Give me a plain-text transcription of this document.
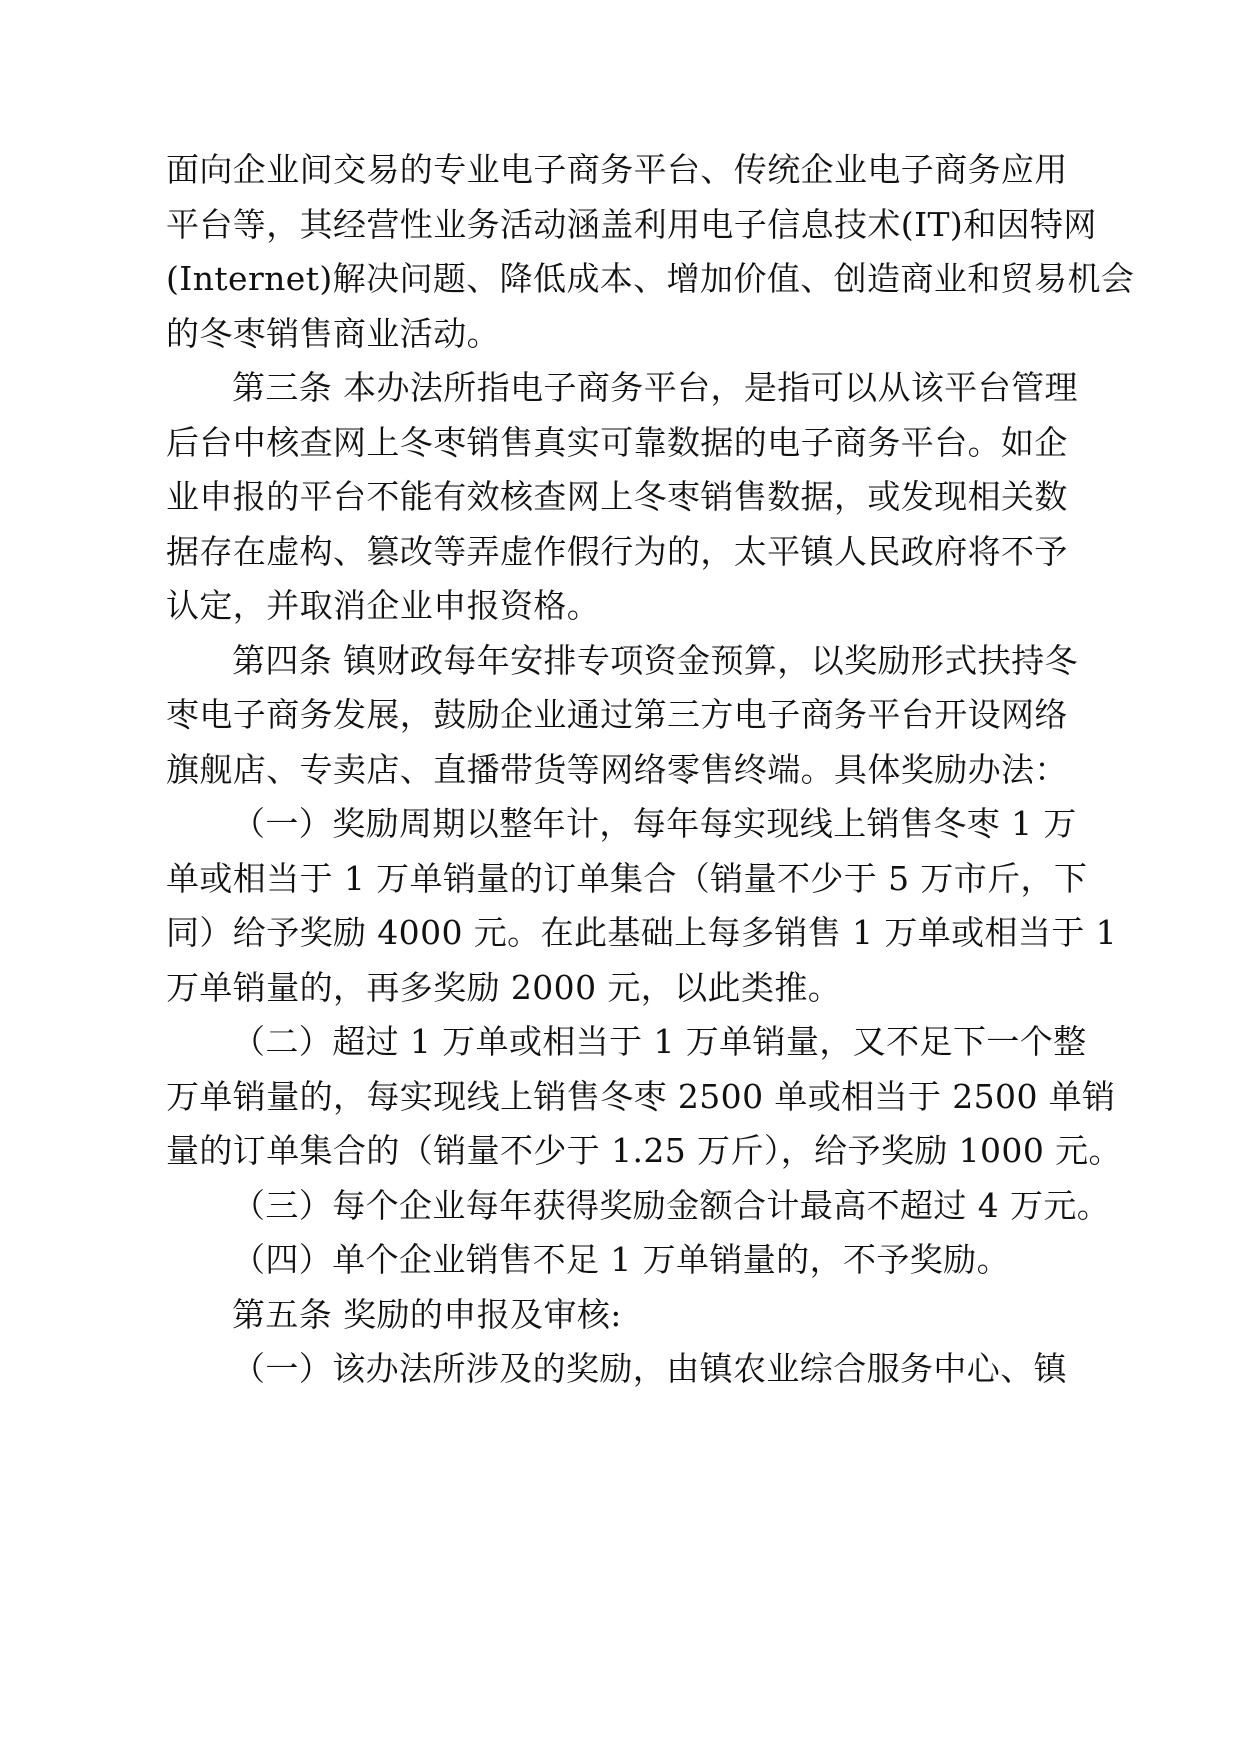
面向企业间交易的专业电子商务平台、传统企业电子商务应用
平台等，其经营性业务活动涵盖利用电子信息技术(IT)和因特网
(Internet)解决问题、降低成本、增加价值、创造商业和贸易机会
的冬枣销售商业活动。
第三条 本办法所指电子商务平台，是指可以从该平台管理
后台中核查网上冬枣销售真实可靠数据的电子商务平台。如企
业申报的平台不能有效核查网上冬枣销售数据，或发现相关数
据存在虚构、篡改等弄虚作假行为的，太平镇人民政府将不予
认定，并取消企业申报资格。
第四条 镇财政每年安排专项资金预算，以奖励形式扶持冬
枣电子商务发展，鼓励企业通过第三方电子商务平台开设网络
旗舰店、专卖店、直播带货等网络零售终端。具体奖励办法：
（一）奖励周期以整年计，每年每实现线上销售冬枣 1 万
单或相当于 1 万单销量的订单集合（销量不少于 5 万市斤，下
同）给予奖励 4000 元。在此基础上每多销售 1 万单或相当于 1
万单销量的，再多奖励 2000 元，以此类推。
（二）超过 1 万单或相当于 1 万单销量，又不足下一个整
万单销量的，每实现线上销售冬枣 2500 单或相当于 2500 单销
量的订单集合的（销量不少于 1.25 万斤），给予奖励 1000 元。
（三）每个企业每年获得奖励金额合计最高不超过 4 万元。
（四）单个企业销售不足 1 万单销量的，不予奖励。
第五条 奖励的申报及审核:
（一）该办法所涉及的奖励，由镇农业综合服务中心、镇
